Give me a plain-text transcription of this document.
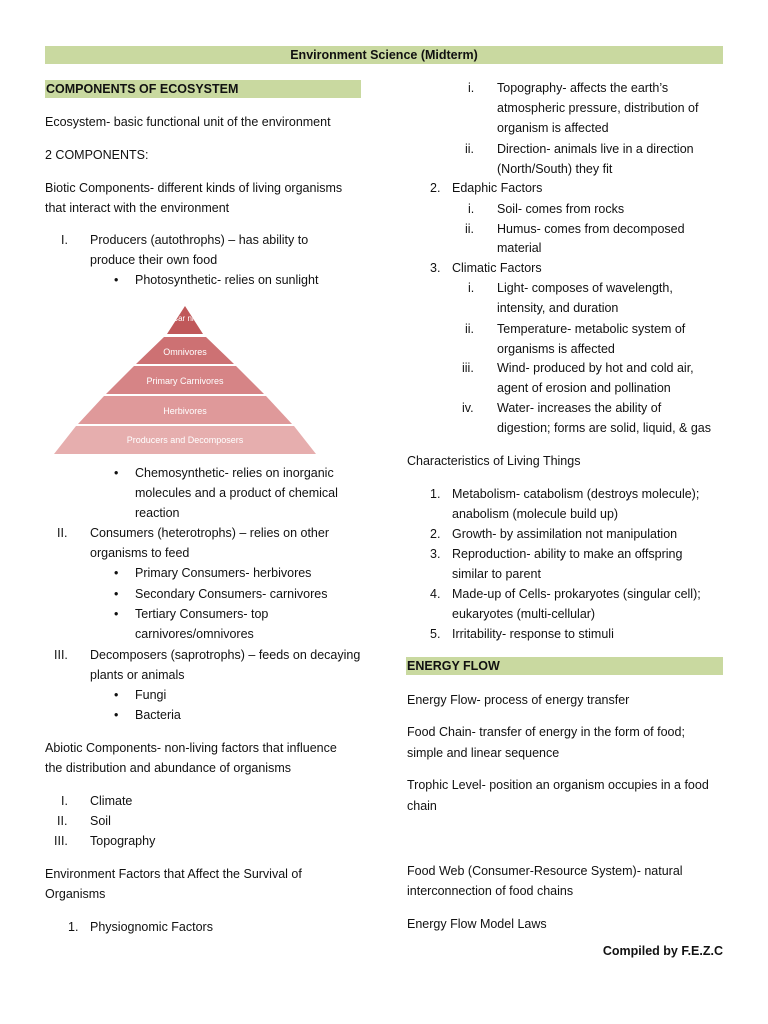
Environment Science (Midterm)
COMPONENTS OF ECOSYSTEM
Ecosystem- basic functional unit of the environment
2 COMPONENTS:
Biotic Components- different kinds of living organisms
that interact with the environment
I. Producers (autothrophs) – has ability to
produce their own food
• Photosynthetic- relies on sunlight
Car niv
Omnivores
Primary Carnivores
Herbivores
Producers and Decomposers
• Chemosynthetic- relies on inorganic
molecules and a product of chemical
reaction
II. Consumers (heterotrophs) – relies on other
organisms to feed
• Primary Consumers- herbivores
• Secondary Consumers- carnivores
• Tertiary Consumers- top
carnivores/omnivores
III. Decomposers (saprotrophs) – feeds on decaying
plants or animals
• Fungi
• Bacteria
Abiotic Components- non-living factors that influence
the distribution and abundance of organisms
I. Climate
II. Soil
III. Topography
Environment Factors that Affect the Survival of
Organisms
1. Physiognomic Factors
i. Topography- affects the earth’s
atmospheric pressure, distribution of
organism is affected
ii. Direction- animals live in a direction
(North/South) they fit
2. Edaphic Factors
i. Soil- comes from rocks
ii. Humus- comes from decomposed
material
3. Climatic Factors
i. Light- composes of wavelength,
intensity, and duration
ii. Temperature- metabolic system of
organisms is affected
iii. Wind- produced by hot and cold air,
agent of erosion and pollination
iv. Water- increases the ability of
digestion; forms are solid, liquid, & gas
Characteristics of Living Things
1. Metabolism- catabolism (destroys molecule);
anabolism (molecule build up)
2. Growth- by assimilation not manipulation
3. Reproduction- ability to make an offspring
similar to parent
4. Made-up of Cells- prokaryotes (singular cell);
eukaryotes (multi-cellular)
5. Irritability- response to stimuli
ENERGY FLOW
Energy Flow- process of energy transfer
Food Chain- transfer of energy in the form of food;
simple and linear sequence
Trophic Level- position an organism occupies in a food
chain
Food Web (Consumer-Resource System)- natural
interconnection of food chains
Energy Flow Model Laws
Compiled by F.E.Z.C
